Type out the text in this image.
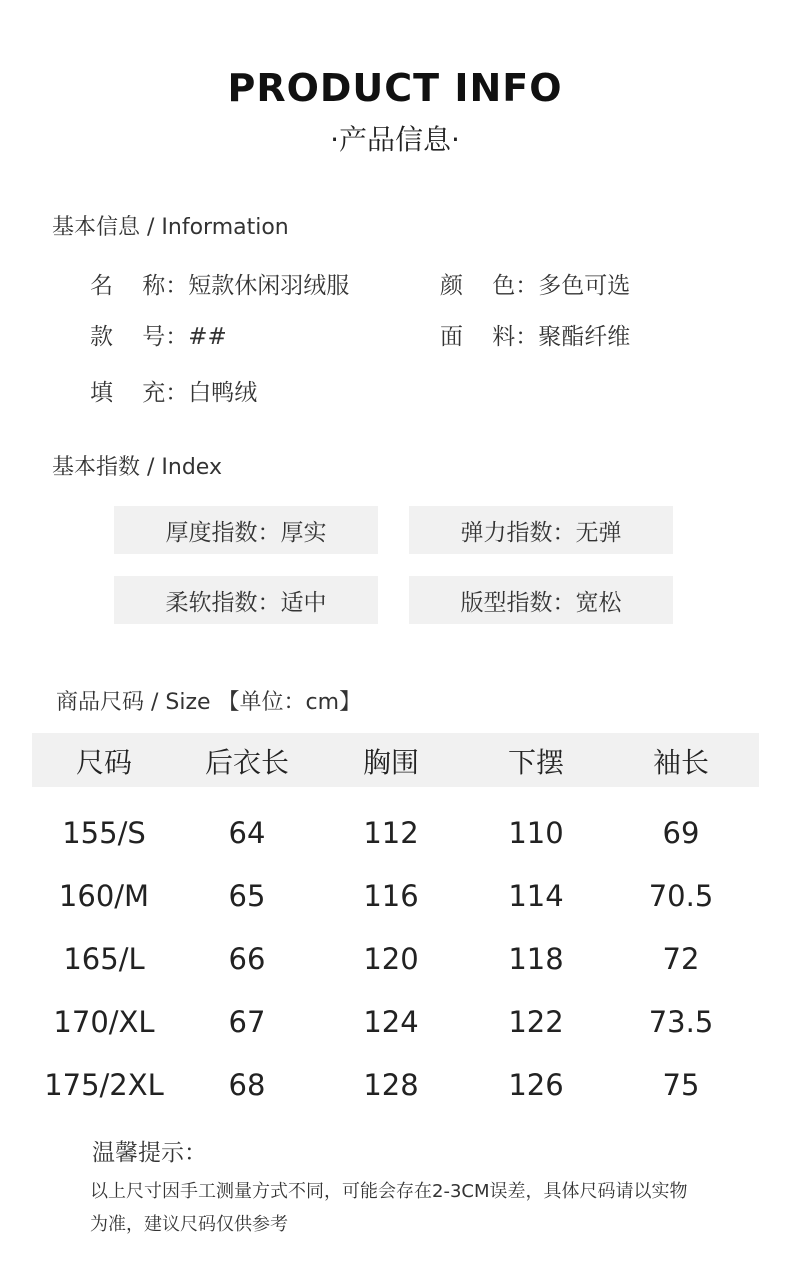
PRODUCT INFO
·产品信息·
基本信息 / Information
名    称：短款休闲羽绒服	颜    色：多色可选
款    号：##	面    料：聚酯纤维
填    充：白鸭绒
基本指数 / Index
厚度指数：厚实	弹力指数：无弹
柔软指数：适中	版型指数：宽松
商品尺码 / Size 【单位：cm】
尺码	后衣长	胸围	下摆	袖长
155/S	64	112	110	69
160/M	65	116	114	70.5
165/L	66	120	118	72
170/XL	67	124	122	73.5
175/2XL	68	128	126	75
温馨提示：
以上尺寸因手工测量方式不同，可能会存在2-3CM误差，具体尺码请以实物
为准，建议尺码仅供参考
